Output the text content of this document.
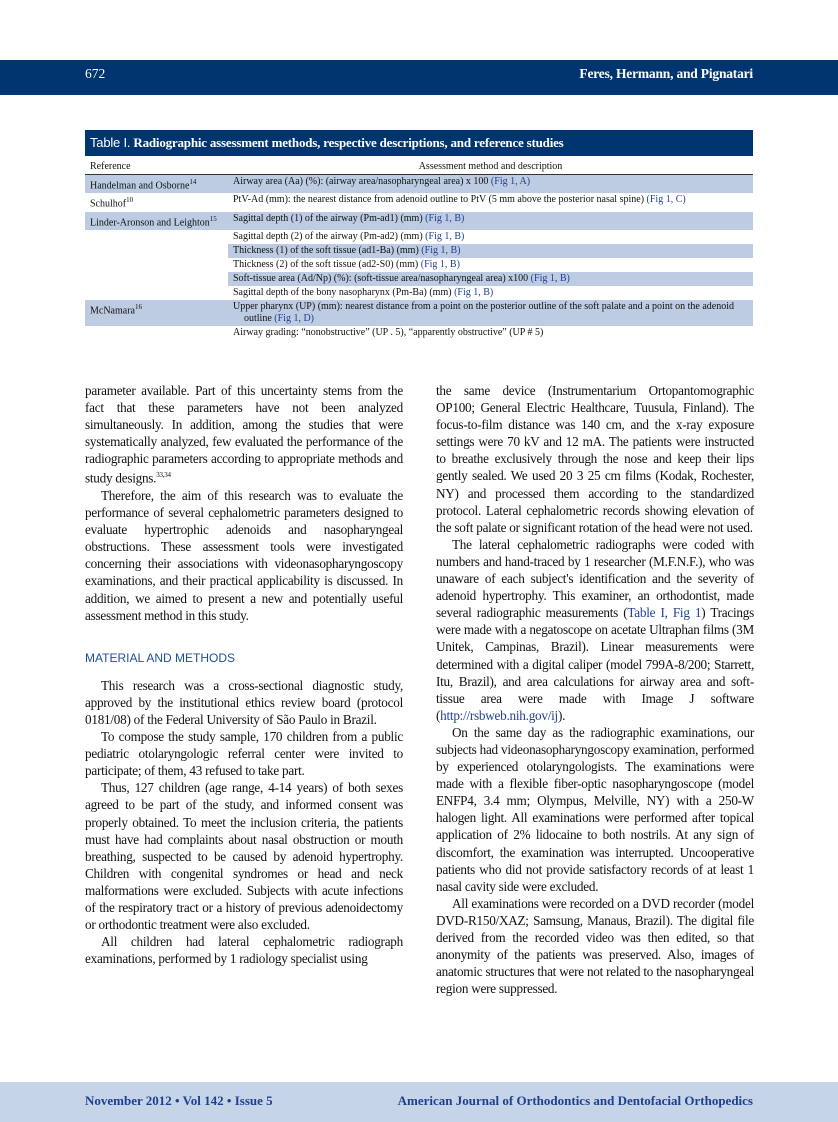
672	Feres, Hermann, and Pignatari
Table I. Radiographic assessment methods, respective descriptions, and reference studies
Reference	Assessment method and description
Handelman and Osborne$^{14}$	Airway area (Aa) (%): (airway area/nasopharyngeal area) x 100 (Fig 1, A)
Schulhof$^{10}$	PtV-Ad (mm): the nearest distance from adenoid outline to PtV (5 mm above the posterior nasal spine) (Fig 1, C)
Linder-Aronson and Leighton$^{15}$	Sagittal depth (1) of the airway (Pm-ad1) (mm) (Fig 1, B)
	Sagittal depth (2) of the airway (Pm-ad2) (mm) (Fig 1, B)
	Thickness (1) of the soft tissue (ad1-Ba) (mm) (Fig 1, B)
	Thickness (2) of the soft tissue (ad2-S0) (mm) (Fig 1, B)
	Soft-tissue area (Ad/Np) (%): (soft-tissue area/nasopharyngeal area) x100 (Fig 1, B)
	Sagittal depth of the bony nasopharynx (Pm-Ba) (mm) (Fig 1, B)
McNamara$^{16}$	Upper pharynx (UP) (mm): nearest distance from a point on the posterior outline of the soft palate and a point on the adenoid outline (Fig 1, D)
	Airway grading: “nonobstructive” (UP . 5), “apparently obstructive” (UP # 5)

parameter available. Part of this uncertainty stems from the fact that these parameters have not been analyzed simultaneously. In addition, among the studies that were systematically analyzed, few evaluated the performance of the radiographic parameters according to appropriate methods and study designs.$^{33,34}$

Therefore, the aim of this research was to evaluate the performance of several cephalometric parameters designed to evaluate hypertrophic adenoids and nasopharyngeal obstructions. These assessment tools were investigated concerning their associations with videonasopharyngoscopy examinations, and their practical applicability is discussed. In addition, we aimed to present a new and potentially useful assessment method in this study.

MATERIAL AND METHODS

This research was a cross-sectional diagnostic study, approved by the institutional ethics review board (protocol 0181/08) of the Federal University of São Paulo in Brazil.

To compose the study sample, 170 children from a public pediatric otolaryngologic referral center were invited to participate; of them, 43 refused to take part.

Thus, 127 children (age range, 4-14 years) of both sexes agreed to be part of the study, and informed consent was properly obtained. To meet the inclusion criteria, the patients must have had complaints about nasal obstruction or mouth breathing, suspected to be caused by adenoid hypertrophy. Children with congenital syndromes or head and neck malformations were excluded. Subjects with acute infections of the respiratory tract or a history of previous adenoidectomy or orthodontic treatment were also excluded.

All children had lateral cephalometric radiograph examinations, performed by 1 radiology specialist using

the same device (Instrumentarium Ortopantomographic OP100; General Electric Healthcare, Tuusula, Finland). The focus-to-film distance was 140 cm, and the x-ray exposure settings were 70 kV and 12 mA. The patients were instructed to breathe exclusively through the nose and keep their lips gently sealed. We used 20 3 25 cm films (Kodak, Rochester, NY) and processed them according to the standardized protocol. Lateral cephalometric records showing elevation of the soft palate or significant rotation of the head were not used.

The lateral cephalometric radiographs were coded with numbers and hand-traced by 1 researcher (M.F.N.F.), who was unaware of each subject's identification and the severity of adenoid hypertrophy. This examiner, an orthodontist, made several radiographic measurements (Table I, Fig 1) Tracings were made with a negatoscope on acetate Ultraphan films (3M Unitek, Campinas, Brazil). Linear measurements were determined with a digital caliper (model 799A-8/200; Starrett, Itu, Brazil), and area calculations for airway area and soft-tissue area were made with Image J software (http://rsbweb.nih.gov/ij).

On the same day as the radiographic examinations, our subjects had videonasopharyngoscopy examination, performed by experienced otolaryngologists. The examinations were made with a flexible fiber-optic nasopharyngoscope (model ENFP4, 3.4 mm; Olympus, Melville, NY) with a 250-W halogen light. All examinations were performed after topical application of 2% lidocaine to both nostrils. At any sign of discomfort, the examination was interrupted. Uncooperative patients who did not provide satisfactory records of at least 1 nasal cavity side were excluded.

All examinations were recorded on a DVD recorder (model DVD-R150/XAZ; Samsung, Manaus, Brazil). The digital file derived from the recorded video was then edited, so that anonymity of the patients was preserved. Also, images of anatomic structures that were not related to the nasopharyngeal region were suppressed.

November 2012 • Vol 142 • Issue 5	American Journal of Orthodontics and Dentofacial Orthopedics
